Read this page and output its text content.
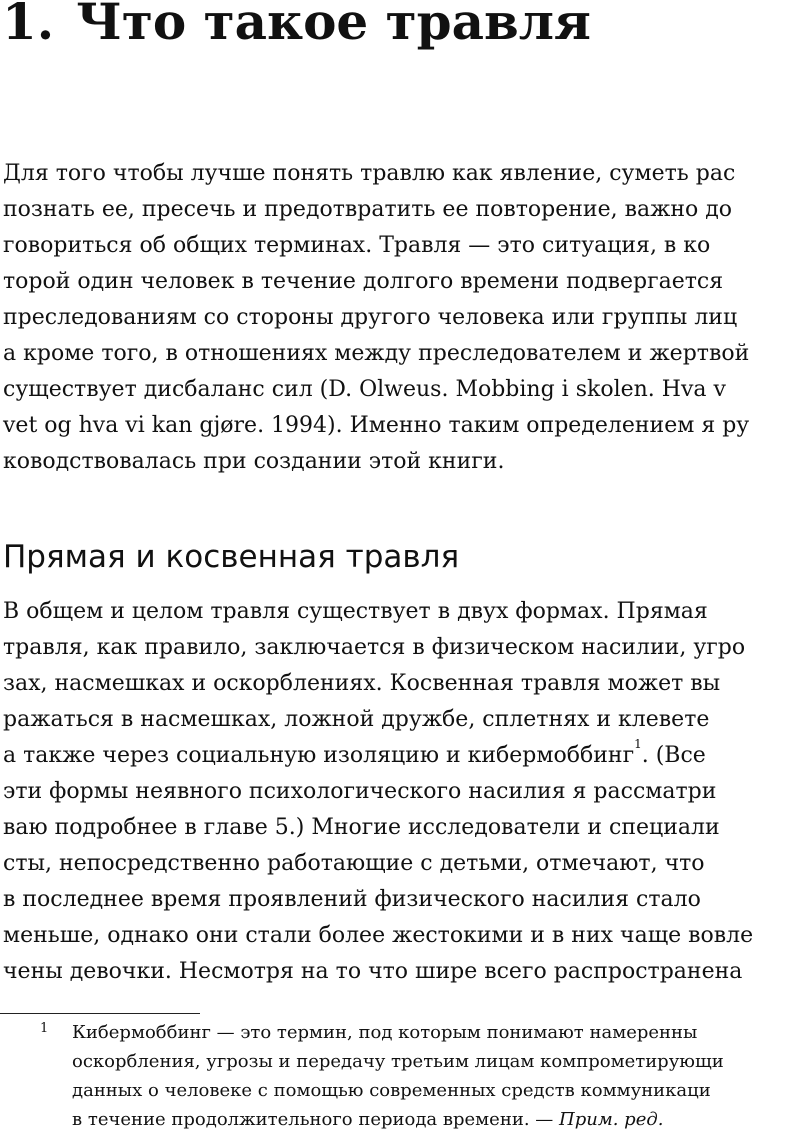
1. Что такое травля
Для того чтобы лучше понять травлю как явление, суметь рас
познать ее, пресечь и предотвратить ее повторение, важно до
говориться об общих терминах. Травля — это ситуация, в ко
торой один человек в течение долгого времени подвергается
преследованиям со стороны другого человека или группы лиц
а кроме того, в отношениях между преследователем и жертвой
существует дисбаланс сил (D. Olweus. Mobbing i skolen. Hva v
vet og hva vi kan gjøre. 1994). Именно таким определением я ру
ководствовалась при создании этой книги.
Прямая и косвенная травля
В общем и целом травля существует в двух формах. Прямая
травля, как правило, заключается в физическом насилии, угро
зах, насмешках и оскорблениях. Косвенная травля может вы
ражаться в насмешках, ложной дружбе, сплетнях и клевете
а также через социальную изоляцию и кибермоббинг$^1$. (Все
эти формы неявного психологического насилия я рассматри
ваю подробнее в главе 5.) Многие исследователи и специали
сты, непосредственно работающие с детьми, отмечают, что
в последнее время проявлений физического насилия стало
меньше, однако они стали более жестокими и в них чаще вовле
чены девочки. Несмотря на то что шире всего распространена
1 Кибермоббинг — это термин, под которым понимают намеренны
оскорбления, угрозы и передачу третьим лицам компрометирующи
данных о человеке с помощью современных средств коммуникаци
в течение продолжительного периода времени. — Прим. ред.
